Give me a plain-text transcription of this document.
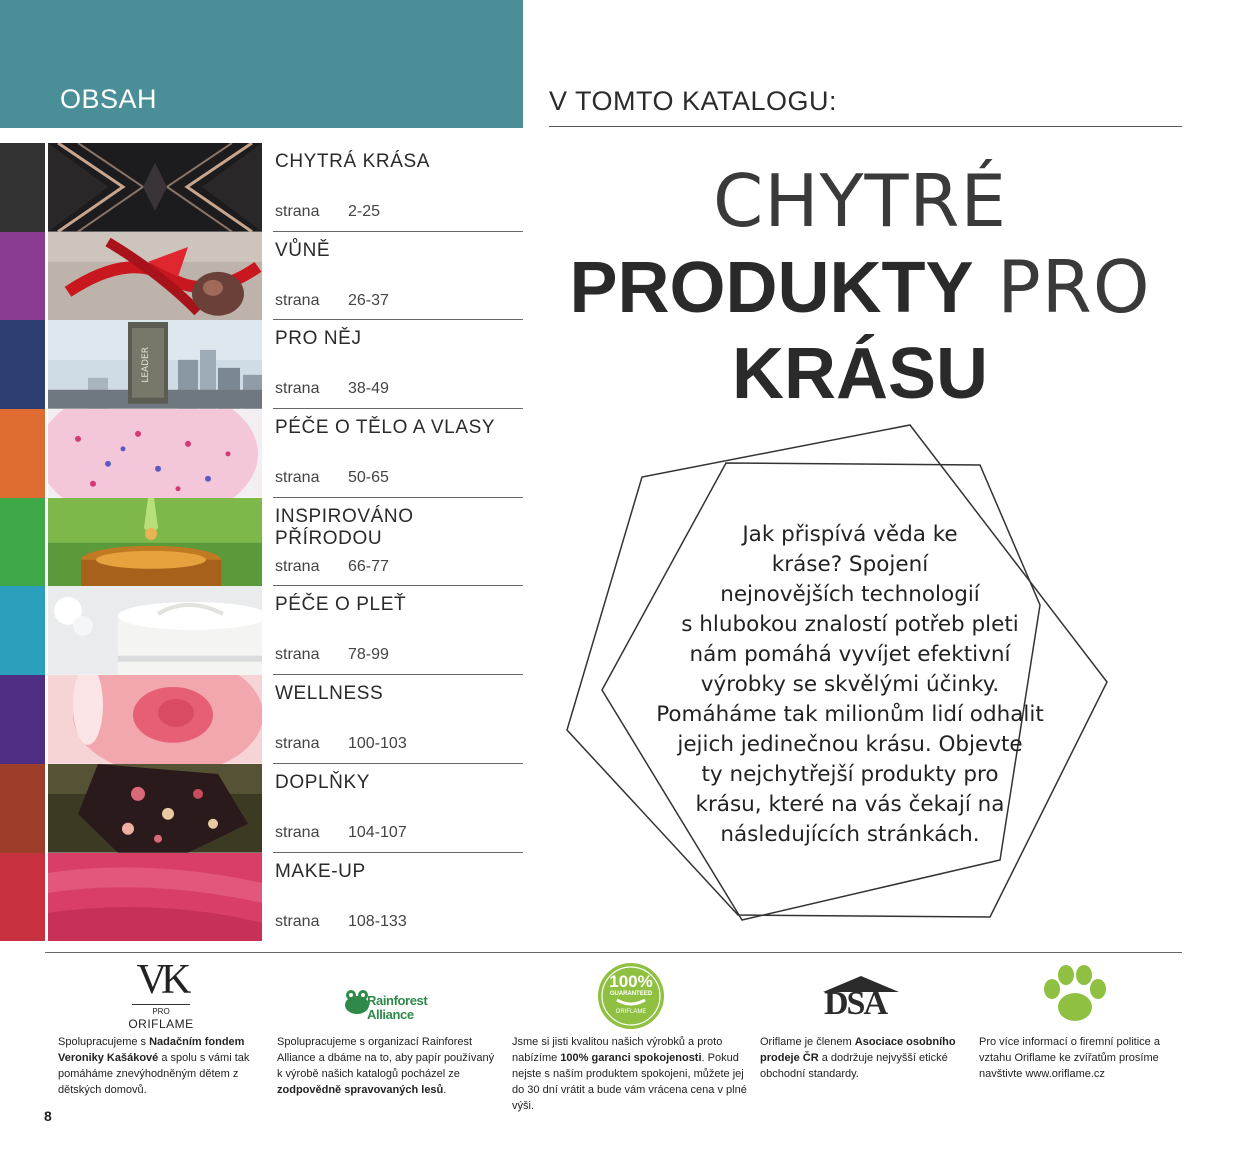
OBSAH	V TOMTO KATALOGU:
CHYTRÉ
PRODUKTY PRO
KRÁSU
CHYTRÁ KRÁSA
strana 2-25
VŮNĚ
strana 26-37
LEADER
PRO NĚJ
strana 38-49
PÉČE O TĚLO A VLASY
strana 50-65
INSPIROVÁNO PŘÍRODOU
strana 66-77
PÉČE O PLEŤ
strana 78-99
WELLNESS
strana 100-103
DOPLŇKY
strana 104-107
MAKE-UP
strana 108-133
Jak přispívá věda ke
kráse? Spojení
nejnovějších technologií
s hlubokou znalostí potřeb pleti
nám pomáhá vyvíjet efektivní
výrobky se skvělými účinky.
Pomáháme tak milionům lidí odhalit
jejich jedinečnou krásu. Objevte
ty nejchytřejší produkty pro
krásu, které na vás čekají na
následujících stránkách.
VK
PRO
ORIFLAME
Rainforest
Alliance
100%
GUARANTEED
ORIFLAME	DSA
Spolupracujeme s Nadačním fondem Veroniky Kašákové a spolu s vámi tak pomáháme znevýhodněným dětem z dětských domovů.
Spolupracujeme s organizací Rainforest Alliance a dbáme na to, aby papír používaný k výrobě našich katalogů pocházel ze zodpovědně spravovaných lesů.
Jsme si jisti kvalitou našich výrobků a proto nabízíme 100% garanci spokojenosti. Pokud nejste s naším produktem spokojeni, můžete jej do 30 dní vrátit a bude vám vrácena cena v plné výši.
Oriflame je členem Asociace osobního prodeje ČR a dodržuje nejvyšší etické obchodní standardy.
Pro více informací o firemní politice a vztahu Oriflame ke zvířatům prosíme navštivte www.oriflame.cz
8
